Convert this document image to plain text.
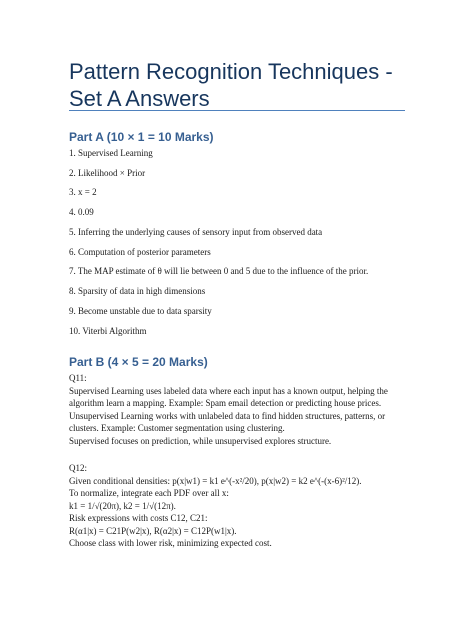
Pattern Recognition Techniques - Set A Answers
Part A (10 × 1 = 10 Marks)
1. Supervised Learning
2. Likelihood × Prior
3. x = 2
4. 0.09
5. Inferring the underlying causes of sensory input from observed data
6. Computation of posterior parameters
7. The MAP estimate of θ will lie between 0 and 5 due to the influence of the prior.
8. Sparsity of data in high dimensions
9. Become unstable due to data sparsity
10. Viterbi Algorithm
Part B (4 × 5 = 20 Marks)
Q11:
Supervised Learning uses labeled data where each input has a known output, helping the
algorithm learn a mapping. Example: Spam email detection or predicting house prices.
Unsupervised Learning works with unlabeled data to find hidden structures, patterns, or
clusters. Example: Customer segmentation using clustering.
Supervised focuses on prediction, while unsupervised explores structure.
Q12:
Given conditional densities: p(x|w1) = k1 e^(-x²/20), p(x|w2) = k2 e^(-(x-6)²/12).
To normalize, integrate each PDF over all x:
k1 = 1/√(20π), k2 = 1/√(12π).
Risk expressions with costs C12, C21:
R(α1|x) = C21P(w2|x), R(α2|x) = C12P(w1|x).
Choose class with lower risk, minimizing expected cost.
